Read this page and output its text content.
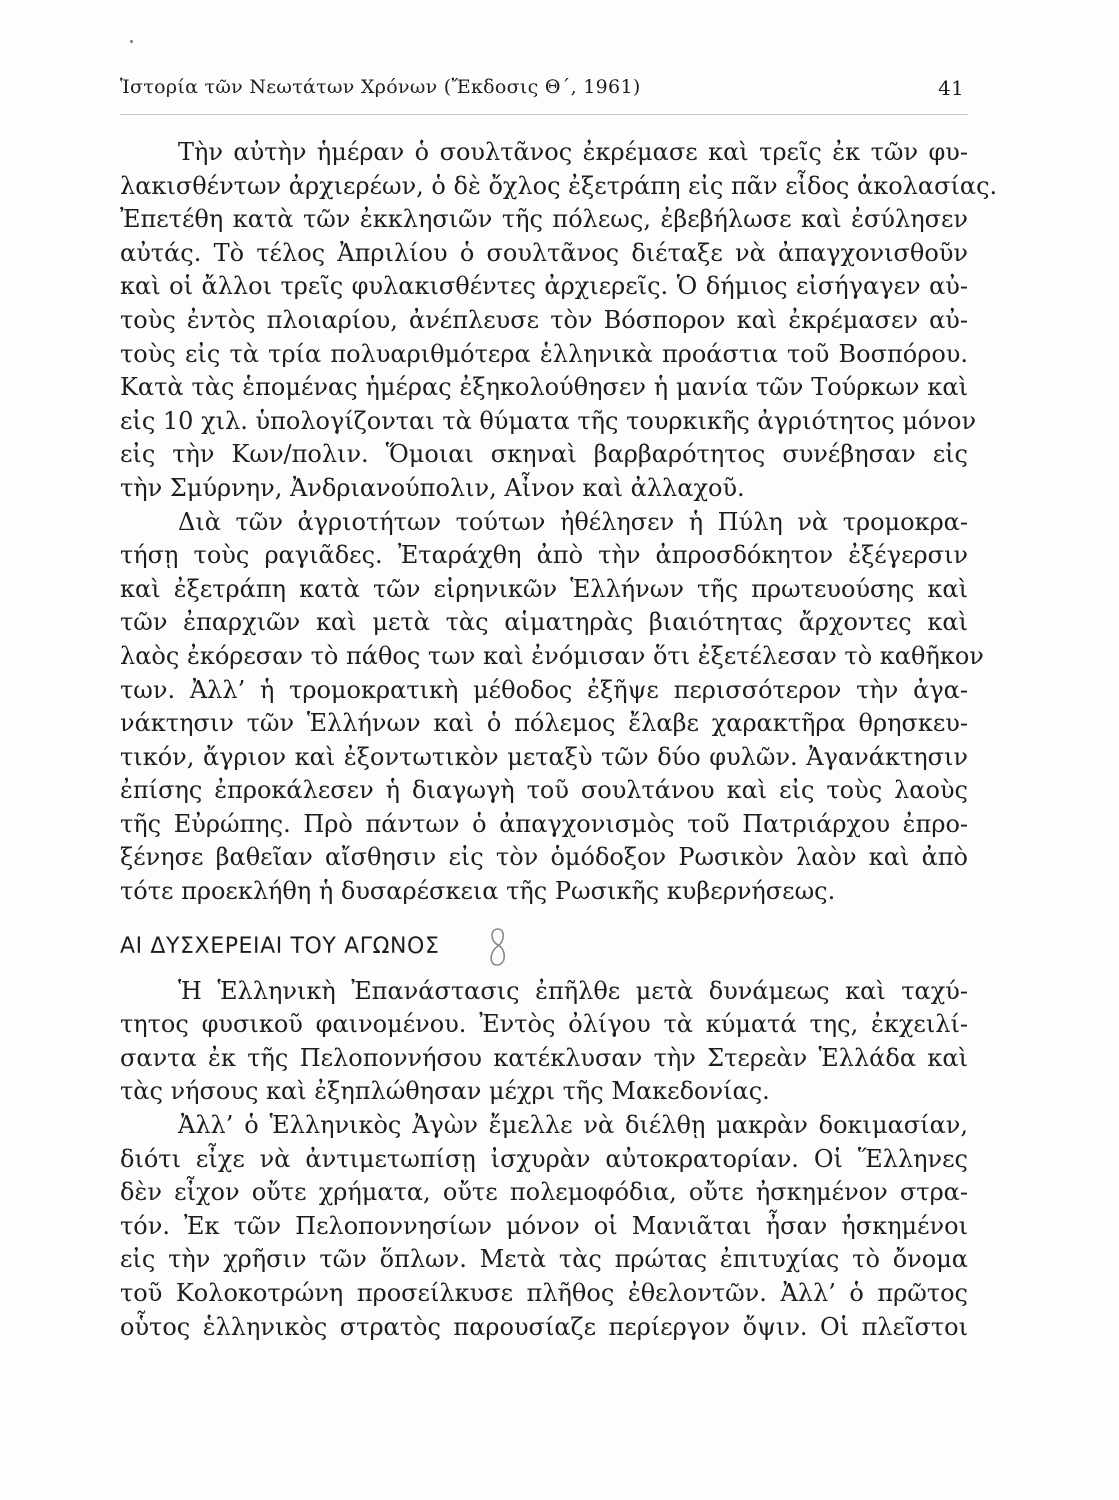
Ἱστορία τῶν Νεωτάτων Χρόνων (Ἔκδοσις Θ΄, 1961)	41
Τὴν αὐτὴν ἡμέραν ὁ σουλτᾶνος ἐκρέμασε καὶ τρεῖς ἐκ τῶν φυ-
λακισθέντων ἀρχιερέων, ὁ δὲ ὄχλος ἐξετράπη εἰς πᾶν εἶδος ἀκολασίας.
Ἐπετέθη κατὰ τῶν ἐκκλησιῶν τῆς πόλεως, ἐβεβήλωσε καὶ ἐσύλησεν
αὐτάς. Τὸ τέλος Ἀπριλίου ὁ σουλτᾶνος διέταξε νὰ ἀπαγχονισθοῦν
καὶ οἱ ἄλλοι τρεῖς φυλακισθέντες ἀρχιερεῖς. Ὁ δήμιος εἰσήγαγεν αὐ-
τοὺς ἐντὸς πλοιαρίου, ἀνέπλευσε τὸν Βόσπορον καὶ ἐκρέμασεν αὐ-
τοὺς εἰς τὰ τρία πολυαριθμότερα ἑλληνικὰ προάστια τοῦ Βοσπόρου.
Κατὰ τὰς ἑπομένας ἡμέρας ἐξηκολούθησεν ἡ μανία τῶν Τούρκων καὶ
εἰς 10 χιλ. ὑπολογίζονται τὰ θύματα τῆς τουρκικῆς ἀγριότητος μόνον
εἰς τὴν Κων/πολιν. Ὅμοιαι σκηναὶ βαρβαρότητος συνέβησαν εἰς
τὴν Σμύρνην, Ἀνδριανούπολιν, Αἶνον καὶ ἀλλαχοῦ.
Διὰ τῶν ἀγριοτήτων τούτων ἠθέλησεν ἡ Πύλη νὰ τρομοκρα-
τήσῃ τοὺς ραγιᾶδες. Ἐταράχθη ἀπὸ τὴν ἀπροσδόκητον ἐξέγερσιν
καὶ ἐξετράπη κατὰ τῶν εἰρηνικῶν Ἑλλήνων τῆς πρωτευούσης καὶ
τῶν ἐπαρχιῶν καὶ μετὰ τὰς αἱματηρὰς βιαιότητας ἄρχοντες καὶ
λαὸς ἐκόρεσαν τὸ πάθος των καὶ ἐνόμισαν ὅτι ἐξετέλεσαν τὸ καθῆκον
των. Ἀλλ’ ἡ τρομοκρατικὴ μέθοδος ἐξῆψε περισσότερον τὴν ἀγα-
νάκτησιν τῶν Ἑλλήνων καὶ ὁ πόλεμος ἔλαβε χαρακτῆρα θρησκευ-
τικόν, ἄγριον καὶ ἐξοντωτικὸν μεταξὺ τῶν δύο φυλῶν. Ἀγανάκτησιν
ἐπίσης ἐπροκάλεσεν ἡ διαγωγὴ τοῦ σουλτάνου καὶ εἰς τοὺς λαοὺς
τῆς Εὐρώπης. Πρὸ πάντων ὁ ἀπαγχονισμὸς τοῦ Πατριάρχου ἐπρο-
ξένησε βαθεῖαν αἴσθησιν εἰς τὸν ὁμόδοξον Ρωσικὸν λαὸν καὶ ἀπὸ
τότε προεκλήθη ἡ δυσαρέσκεια τῆς Ρωσικῆς κυβερνήσεως.
ΑΙ ΔΥΣΧΕΡΕΙΑΙ ΤΟΥ ΑΓΩΝΟΣ
Ἡ Ἑλληνικὴ Ἐπανάστασις ἐπῆλθε μετὰ δυνάμεως καὶ ταχύ-
τητος φυσικοῦ φαινομένου. Ἐντὸς ὀλίγου τὰ κύματά της, ἐκχειλί-
σαντα ἐκ τῆς Πελοποννήσου κατέκλυσαν τὴν Στερεὰν Ἑλλάδα καὶ
τὰς νήσους καὶ ἐξηπλώθησαν μέχρι τῆς Μακεδονίας.
Ἀλλ’ ὁ Ἑλληνικὸς Ἀγὼν ἔμελλε νὰ διέλθῃ μακρὰν δοκιμασίαν,
διότι εἶχε νὰ ἀντιμετωπίσῃ ἰσχυρὰν αὐτοκρατορίαν. Οἱ Ἕλληνες
δὲν εἶχον οὔτε χρήματα, οὔτε πολεμοφόδια, οὔτε ἠσκημένον στρα-
τόν. Ἐκ τῶν Πελοποννησίων μόνον οἱ Μανιᾶται ἦσαν ἠσκημένοι
εἰς τὴν χρῆσιν τῶν ὅπλων. Μετὰ τὰς πρώτας ἐπιτυχίας τὸ ὄνομα
τοῦ Κολοκοτρώνη προσείλκυσε πλῆθος ἐθελοντῶν. Ἀλλ’ ὁ πρῶτος
οὗτος ἑλληνικὸς στρατὸς παρουσίαζε περίεργον ὄψιν. Οἱ πλεῖστοι
